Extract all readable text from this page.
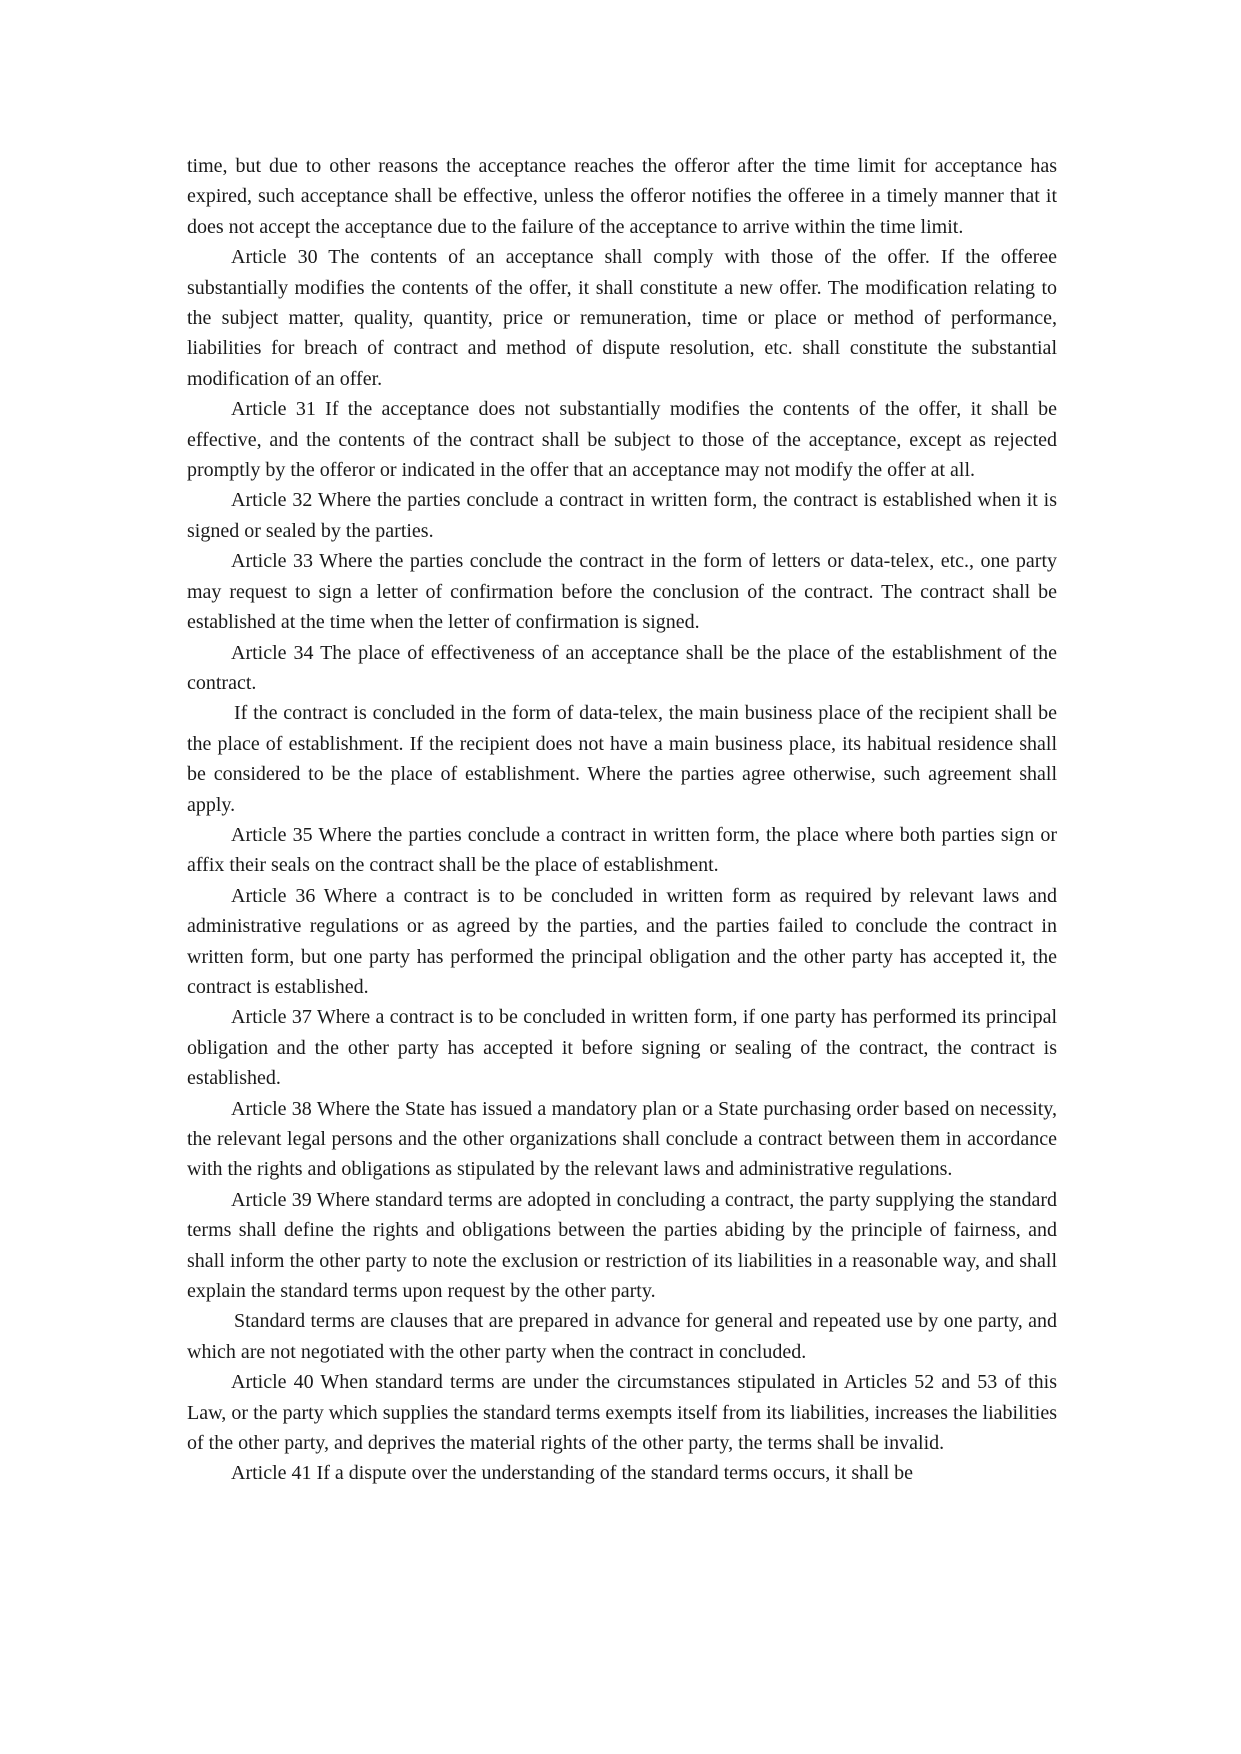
time, but due to other reasons the acceptance reaches the offeror after the time limit for acceptance has expired, such acceptance shall be effective, unless the offeror notifies the offeree in a timely manner that it does not accept the acceptance due to the failure of the acceptance to arrive within the time limit.

Article 30 The contents of an acceptance shall comply with those of the offer. If the offeree substantially modifies the contents of the offer, it shall constitute a new offer. The modification relating to the subject matter, quality, quantity, price or remuneration, time or place or method of performance, liabilities for breach of contract and method of dispute resolution, etc. shall constitute the substantial modification of an offer.

Article 31 If the acceptance does not substantially modifies the contents of the offer, it shall be effective, and the contents of the contract shall be subject to those of the acceptance, except as rejected promptly by the offeror or indicated in the offer that an acceptance may not modify the offer at all.

Article 32 Where the parties conclude a contract in written form, the contract is established when it is signed or sealed by the parties.

Article 33 Where the parties conclude the contract in the form of letters or data-telex, etc., one party may request to sign a letter of confirmation before the conclusion of the contract. The contract shall be established at the time when the letter of confirmation is signed.

Article 34 The place of effectiveness of an acceptance shall be the place of the establishment of the contract.

If the contract is concluded in the form of data-telex, the main business place of the recipient shall be the place of establishment. If the recipient does not have a main business place, its habitual residence shall be considered to be the place of establishment. Where the parties agree otherwise, such agreement shall apply.

Article 35 Where the parties conclude a contract in written form, the place where both parties sign or affix their seals on the contract shall be the place of establishment.

Article 36 Where a contract is to be concluded in written form as required by relevant laws and administrative regulations or as agreed by the parties, and the parties failed to conclude the contract in written form, but one party has performed the principal obligation and the other party has accepted it, the contract is established.

Article 37 Where a contract is to be concluded in written form, if one party has performed its principal obligation and the other party has accepted it before signing or sealing of the contract, the contract is established.

Article 38 Where the State has issued a mandatory plan or a State purchasing order based on necessity, the relevant legal persons and the other organizations shall conclude a contract between them in accordance with the rights and obligations as stipulated by the relevant laws and administrative regulations.

Article 39 Where standard terms are adopted in concluding a contract, the party supplying the standard terms shall define the rights and obligations between the parties abiding by the principle of fairness, and shall inform the other party to note the exclusion or restriction of its liabilities in a reasonable way, and shall explain the standard terms upon request by the other party.

Standard terms are clauses that are prepared in advance for general and repeated use by one party, and which are not negotiated with the other party when the contract in concluded.

Article 40 When standard terms are under the circumstances stipulated in Articles 52 and 53 of this Law, or the party which supplies the standard terms exempts itself from its liabilities, increases the liabilities of the other party, and deprives the material rights of the other party, the terms shall be invalid.

Article 41 If a dispute over the understanding of the standard terms occurs, it shall be
